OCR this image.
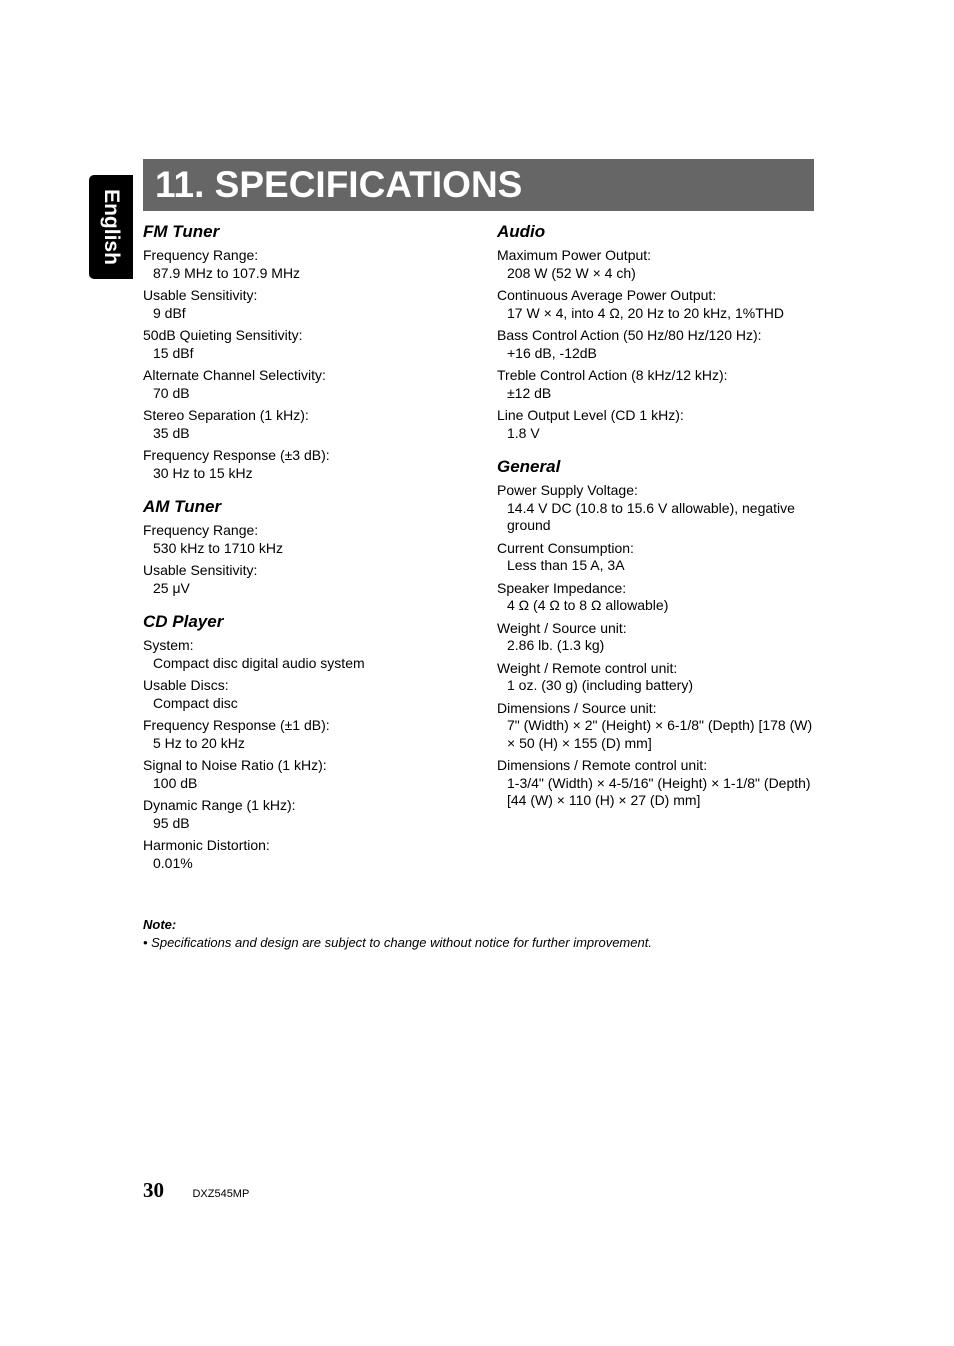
English
11. SPECIFICATIONS
FM Tuner
Frequency Range:
87.9 MHz to 107.9 MHz
Usable Sensitivity:
9 dBf
50dB Quieting Sensitivity:
15 dBf
Alternate Channel Selectivity:
70 dB
Stereo Separation (1 kHz):
35 dB
Frequency Response (±3 dB):
30 Hz to 15 kHz
AM Tuner
Frequency Range:
530 kHz to 1710 kHz
Usable Sensitivity:
25 μV
CD Player
System:
Compact disc digital audio system
Usable Discs:
Compact disc
Frequency Response (±1 dB):
5 Hz to 20 kHz
Signal to Noise Ratio (1 kHz):
100 dB
Dynamic Range (1 kHz):
95 dB
Harmonic Distortion:
0.01%
Audio
Maximum Power Output:
208 W (52 W × 4 ch)
Continuous Average Power Output:
17 W × 4, into 4 Ω, 20 Hz to 20 kHz, 1%THD
Bass Control Action (50 Hz/80 Hz/120 Hz):
+16 dB, -12dB
Treble Control Action (8 kHz/12 kHz):
±12 dB
Line Output Level (CD 1 kHz):
1.8 V
General
Power Supply Voltage:
14.4 V DC (10.8 to 15.6 V allowable), negative ground
Current Consumption:
Less than 15 A, 3A
Speaker Impedance:
4 Ω (4 Ω to 8 Ω allowable)
Weight / Source unit:
2.86 lb. (1.3 kg)
Weight / Remote control unit:
1 oz. (30 g) (including battery)
Dimensions / Source unit:
7" (Width) × 2" (Height) × 6-1/8" (Depth) [178 (W) × 50 (H) × 155 (D) mm]
Dimensions / Remote control unit:
1-3/4" (Width) × 4-5/16" (Height) × 1-1/8" (Depth) [44 (W) × 110 (H) × 27 (D) mm]
Note:
• Specifications and design are subject to change without notice for further improvement.
30	DXZ545MP
